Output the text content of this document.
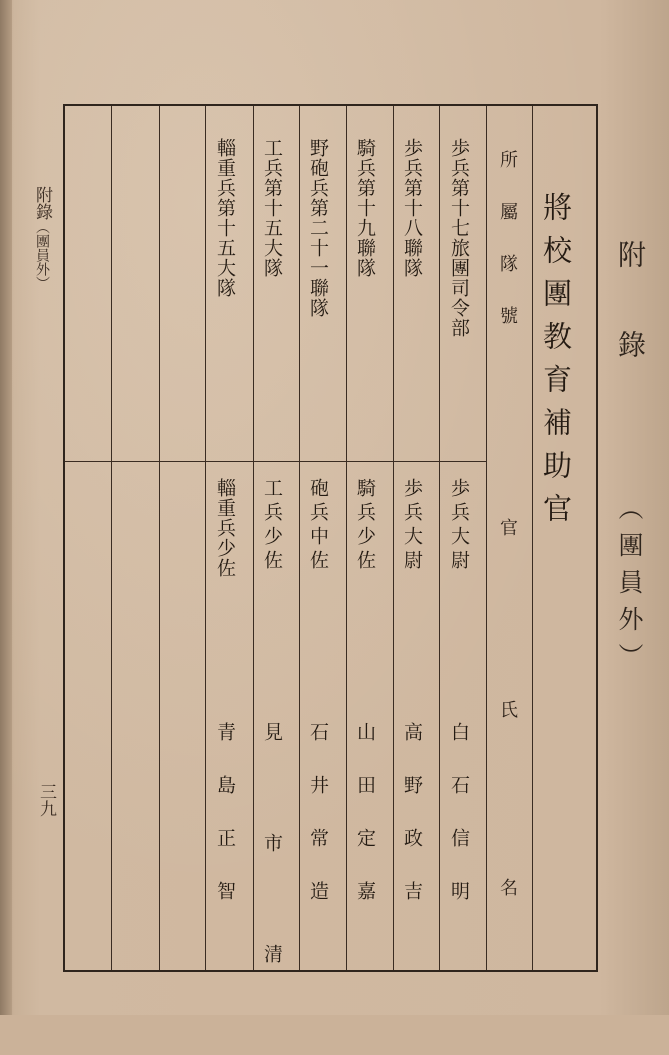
附錄（團員外）
三九
附錄
（團員外）
將校團教育補助官
所屬隊號
官
氏
名
歩兵第十七旅團司令部
歩兵大尉
白石信明
歩兵第十八聯隊
歩兵大尉
高野政吉
騎兵第十九聯隊
騎兵少佐
山田定嘉
野砲兵第二十一聯隊
砲兵中佐
石井常造
工兵第十五大隊
工兵少佐
見市清
輜重兵第十五大隊
輜重兵少佐
青島正智
